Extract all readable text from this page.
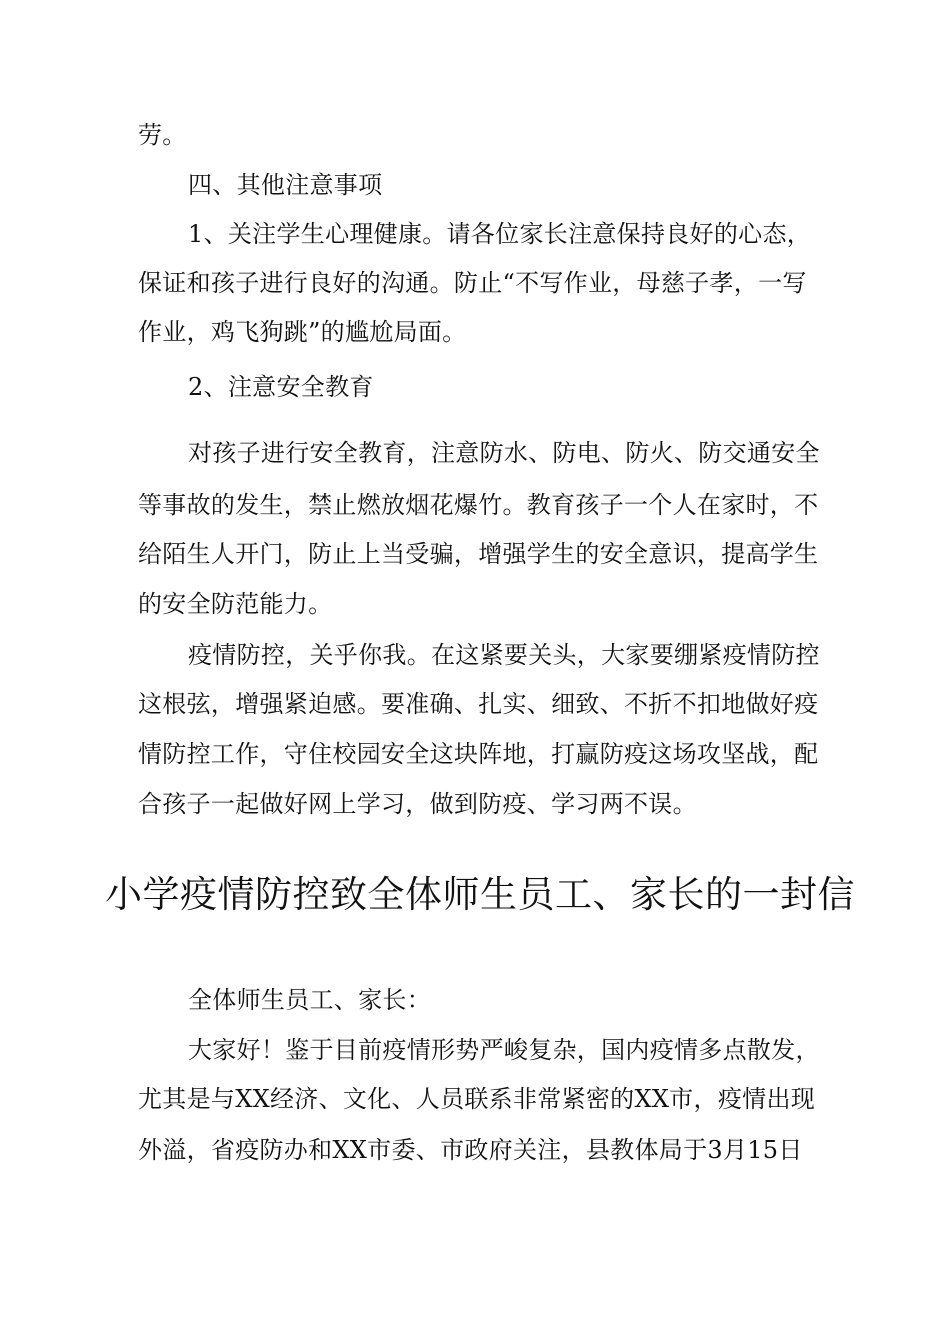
劳。
四、其他注意事项
1、关注学生心理健康。请各位家长注意保持良好的心态，
保证和孩子进行良好的沟通。防止“不写作业，母慈子孝，一写
作业，鸡飞狗跳”的尴尬局面。
2、注意安全教育
对孩子进行安全教育，注意防水、防电、防火、防交通安全
等事故的发生，禁止燃放烟花爆竹。教育孩子一个人在家时，不
给陌生人开门，防止上当受骗，增强学生的安全意识，提高学生
的安全防范能力。
疫情防控，关乎你我。在这紧要关头，大家要绷紧疫情防控
这根弦，增强紧迫感。要准确、扎实、细致、不折不扣地做好疫
情防控工作，守住校园安全这块阵地，打赢防疫这场攻坚战，配
合孩子一起做好网上学习，做到防疫、学习两不误。
小学疫情防控致全体师生员工、家长的一封信
全体师生员工、家长：
大家好！鉴于目前疫情形势严峻复杂，国内疫情多点散发，
尤其是与XX经济、文化、人员联系非常紧密的XX市，疫情出现
外溢，省疫防办和XX市委、市政府关注，县教体局于3月15日
